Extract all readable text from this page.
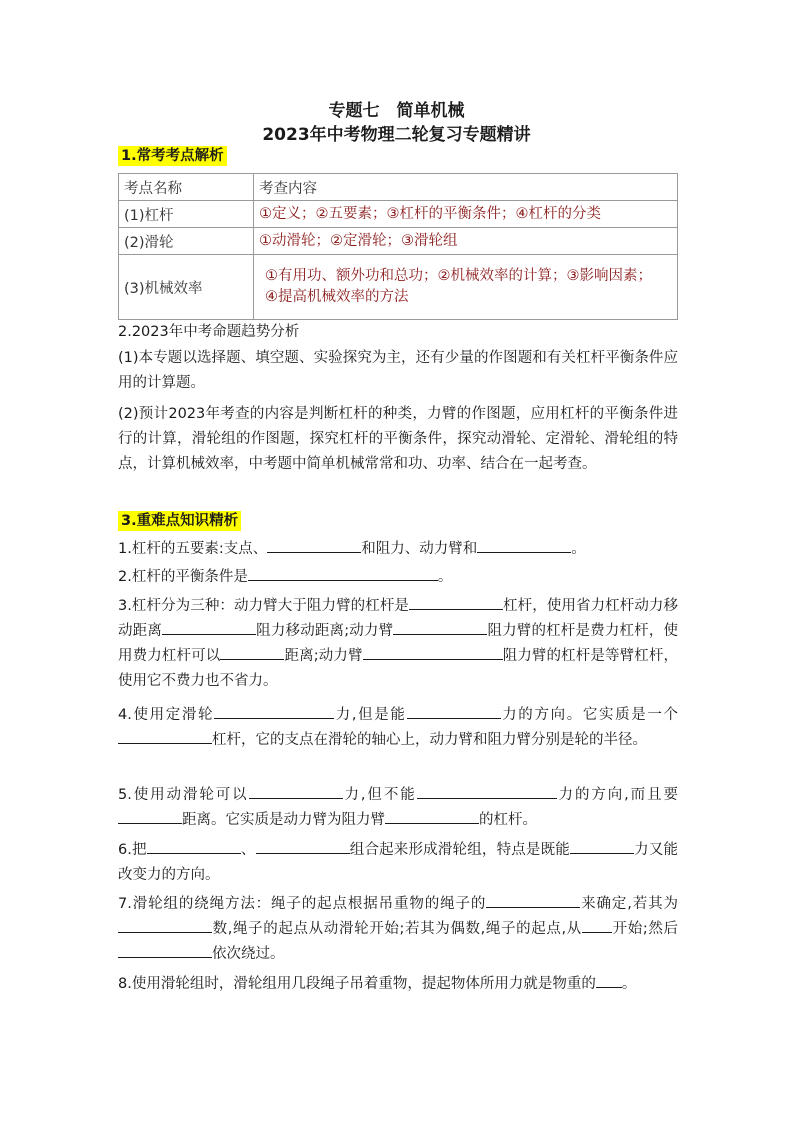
专题七　简单机械
2023年中考物理二轮复习专题精讲
1.常考考点解析
考点名称	考查内容
(1)杠杆	①定义；②五要素；③杠杆的平衡条件；④杠杆的分类

(2)滑轮	①动滑轮；②定滑轮；③滑轮组

(3)机械效率	①有用功、额外功和总功；②机械效率的计算；③影响因素；
④提高机械效率的方法
2.2023年中考命题趋势分析
(1)本专题以选择题、填空题、实验探究为主，还有少量的作图题和有关杠杆平衡条件应用的计算题。
(2)预计2023年考查的内容是判断杠杆的种类，力臂的作图题，应用杠杆的平衡条件进行的计算，滑轮组的作图题，探究杠杆的平衡条件，探究动滑轮、定滑轮、滑轮组的特点，计算机械效率，中考题中简单机械常常和功、功率、结合在一起考查。
3.重难点知识精析
1.杠杆的五要素:支点、	和阻力、动力臂和	。
2.杠杆的平衡条件是	。
3.杠杆分为三种：动力臂大于阻力臂的杠杆是	杠杆，使用省力杠杆动力移动距离	阻力移动距离;动力臂	阻力臂的杠杆是费力杠杆，使用费力杠杆可以	距离;动力臂	阻力臂的杠杆是等臂杠杆，使用它不费力也不省力。
4.使用定滑轮	力,但是能	力的方向。它实质是一个杠杆，它的支点在滑轮的轴心上，动力臂和阻力臂分别是轮的半径。
5.使用动滑轮可以	力,但不能	力的方向,而且要距离。它实质是动力臂为阻力臂	的杠杆。
6.把	、	组合起来形成滑轮组，特点是既能	力又能改变力的方向。
7.滑轮组的绕绳方法：绳子的起点根据吊重物的绳子的	来确定,若其为数,绳子的起点从动滑轮开始;若其为偶数,绳子的起点,从 开始;然后依次绕过。
8.使用滑轮组时，滑轮组用几段绳子吊着重物，提起物体所用力就是物重的 。
